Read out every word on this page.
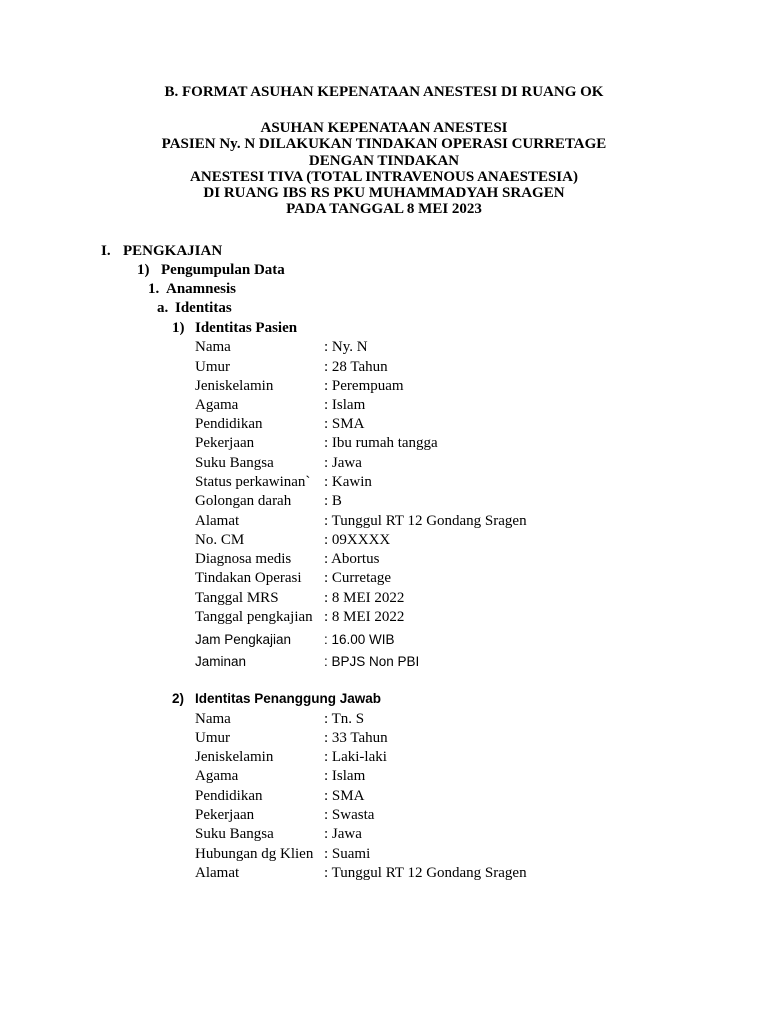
B. FORMAT ASUHAN KEPENATAAN ANESTESI DI RUANG OK
ASUHAN KEPENATAAN ANESTESI
PASIEN Ny. N DILAKUKAN TINDAKAN OPERASI CURRETAGE
DENGAN TINDAKAN
ANESTESI TIVA (TOTAL INTRAVENOUS ANAESTESIA)
DI RUANG IBS RS PKU MUHAMMADYAH SRAGEN
PADA TANGGAL 8 MEI 2023
I. PENGKAJIAN
1) Pengumpulan Data
1. Anamnesis
a. Identitas
1) Identitas Pasien
Nama	: Ny. N
Umur	: 28 Tahun
Jeniskelamin	: Perempuam
Agama	: Islam
Pendidikan	: SMA
Pekerjaan	: Ibu rumah tangga
Suku Bangsa	: Jawa
Status perkawinan` : Kawin
Golongan darah : B
Alamat	: Tunggul RT 12 Gondang Sragen
No. CM	: 09XXXX
Diagnosa medis : Abortus
Tindakan Operasi : Curretage
Tanggal MRS	: 8 MEI 2022
Tanggal pengkajian : 8 MEI 2022
Jam Pengkajian : 16.00 WIB
Jaminan	: BPJS Non PBI
2) Identitas Penanggung Jawab
Nama	: Tn. S
Umur	: 33 Tahun
Jeniskelamin	: Laki-laki
Agama	: Islam
Pendidikan	: SMA
Pekerjaan	: Swasta
Suku Bangsa	: Jawa
Hubungan dg Klien : Suami
Alamat	: Tunggul RT 12 Gondang Sragen
